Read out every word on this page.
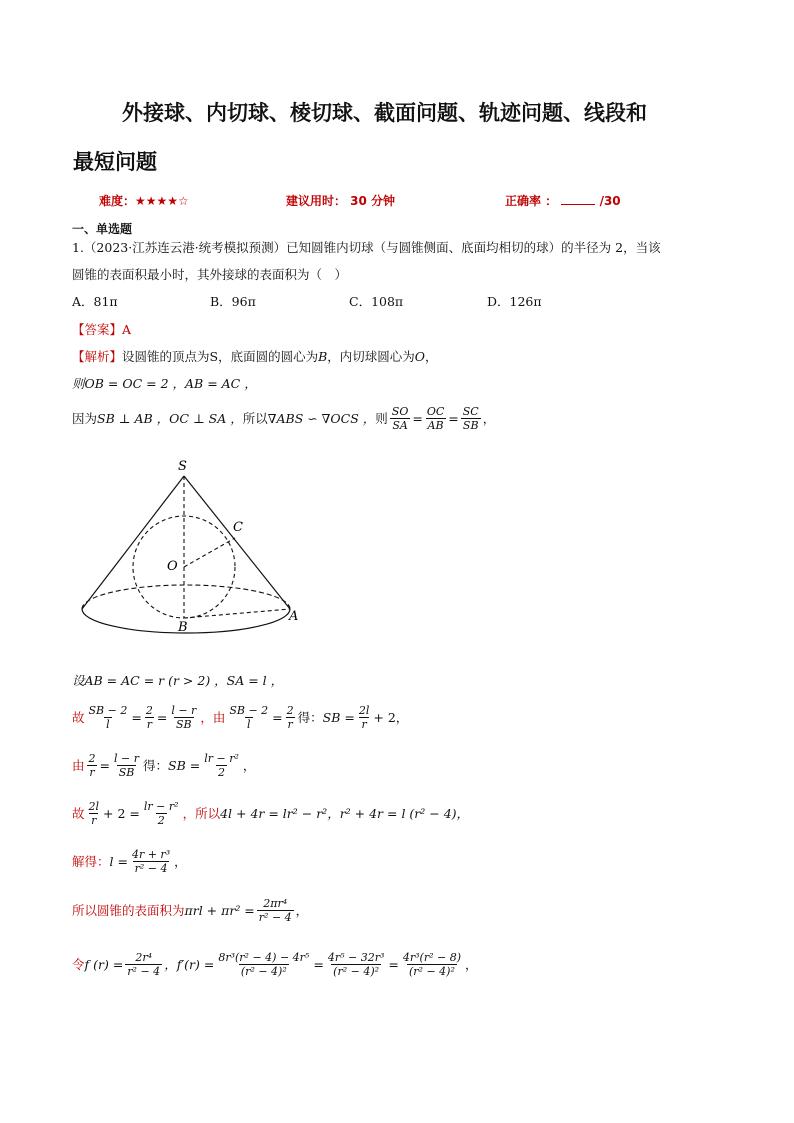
外接球、内切球、棱切球、截面问题、轨迹问题、线段和
最短问题
难度：★★★★☆	建议用时： 30 分钟	正确率 ：	/30
一、单选题
1.（2023·江苏连云港·统考模拟预测）已知圆锥内切球（与圆锥侧面、底面均相切的球）的半径为 2，当该
圆锥的表面积最小时，其外接球的表面积为（　）
A．81π	B．96π	C．108π	D．126π
【答案】A
【解析】设圆锥的顶点为S，底面圆的圆心为B，内切球圆心为O，
则OB = OC = 2 ，AB = AC ，
因为 SB ⊥ AB ，OC ⊥ SA ， 所以 ∇ABS ∽ ∇OCS ， 则 $\frac{SO}{SA} = \frac{OC}{AB} = \frac{SC}{SB}$ ，
S
C
O
B
A
设AB = AC = r (r > 2) ，SA = l ，
故 $\frac{SB - 2}{l} = \frac{2}{r} = \frac{l - r}{SB}$ ，由 $\frac{SB - 2}{l} = \frac{2}{r}$ 得： SB = $\frac{2l}{r} + 2$，
由 $\frac{2}{r} = \frac{l - r}{SB}$ 得： SB = $\frac{\text{lr − r²}}{2}$ ，
故 $\frac{2l}{r} + 2 = \frac{\text{lr − r²}}{2}$ ，所以 4l + 4r = lr² − r²，r² + 4r = l (r² − 4)，
解得： $l = \frac{\text{4r + r³}}{\text{r² − 4}}$ ，
所以圆锥的表面积为 $\pi rl + \pi r^2 = \frac{\text{2πr⁴}}{\text{r² − 4}}$ ，
令 f $(r) = \frac{\text{2r⁴}}{\text{r² − 4}}$ ，$f'(r) = \frac{\text{8r³(r² − 4) − 4r⁵}}{\text{(r² − 4)²}} = \frac{\text{4r⁵ − 32r³}}{\text{(r² − 4)²}} = \frac{\text{4r³(r² − 8)}}{\text{(r² − 4)²}}$ ，
